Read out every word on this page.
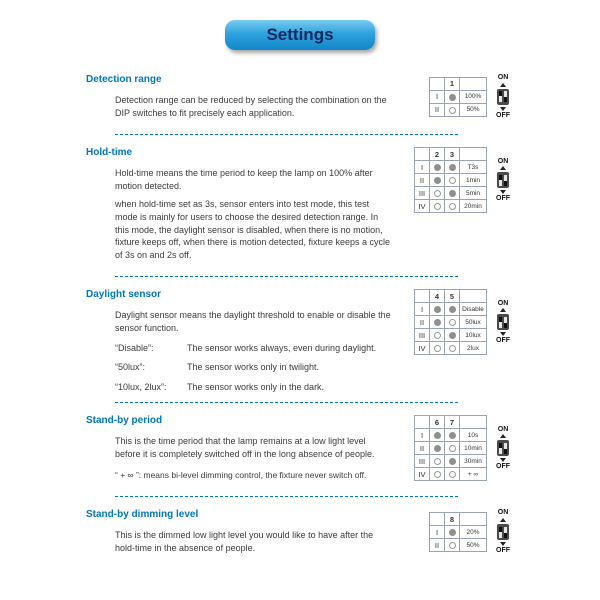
Settings
Detection range

Detection range can be reduced by selecting the combination on the DIP switches to fit precisely each application.

	1	
I		100%
II		50%
ON
OFF
Hold-time

Hold-time means the time period to keep the lamp on 100% after motion detected.

when hold-time set as 3s, sensor enters into test mode, this test mode is mainly for users to choose the desired detection range. In this mode, the daylight sensor is disabled, when there is no motion, fixture keeps off, when there is motion detected, fixture keeps a cycle of 3s on and 2s off.

	2	3	
I			T3s
II			1min
III			5min
IV			20min
ON
OFF
Daylight sensor

Daylight sensor means the daylight threshold to enable or disable the sensor function.

“Disable”:	The sensor works always, even during daylight.
“50lux”:	The sensor works only in twilight.
“10lux, 2lux”:	The sensor works only in the dark.
	4	5	
I			Disable
II			50lux
III			10lux
IV			2lux
ON
OFF
Stand-by period

This is the time period that the lamp remains at a low light level before it is completely switched off in the long absence of people.

“ + ∞ ”: means bi-level dimming control, the fixture never switch off.

	6	7	
I			10s
II			10min
III			30min
IV			+ ∞
ON
OFF
Stand-by dimming level

This is the dimmed low light level you would like to have after the hold-time in the absence of people.

	8	
I		20%
II		50%
ON
OFF
